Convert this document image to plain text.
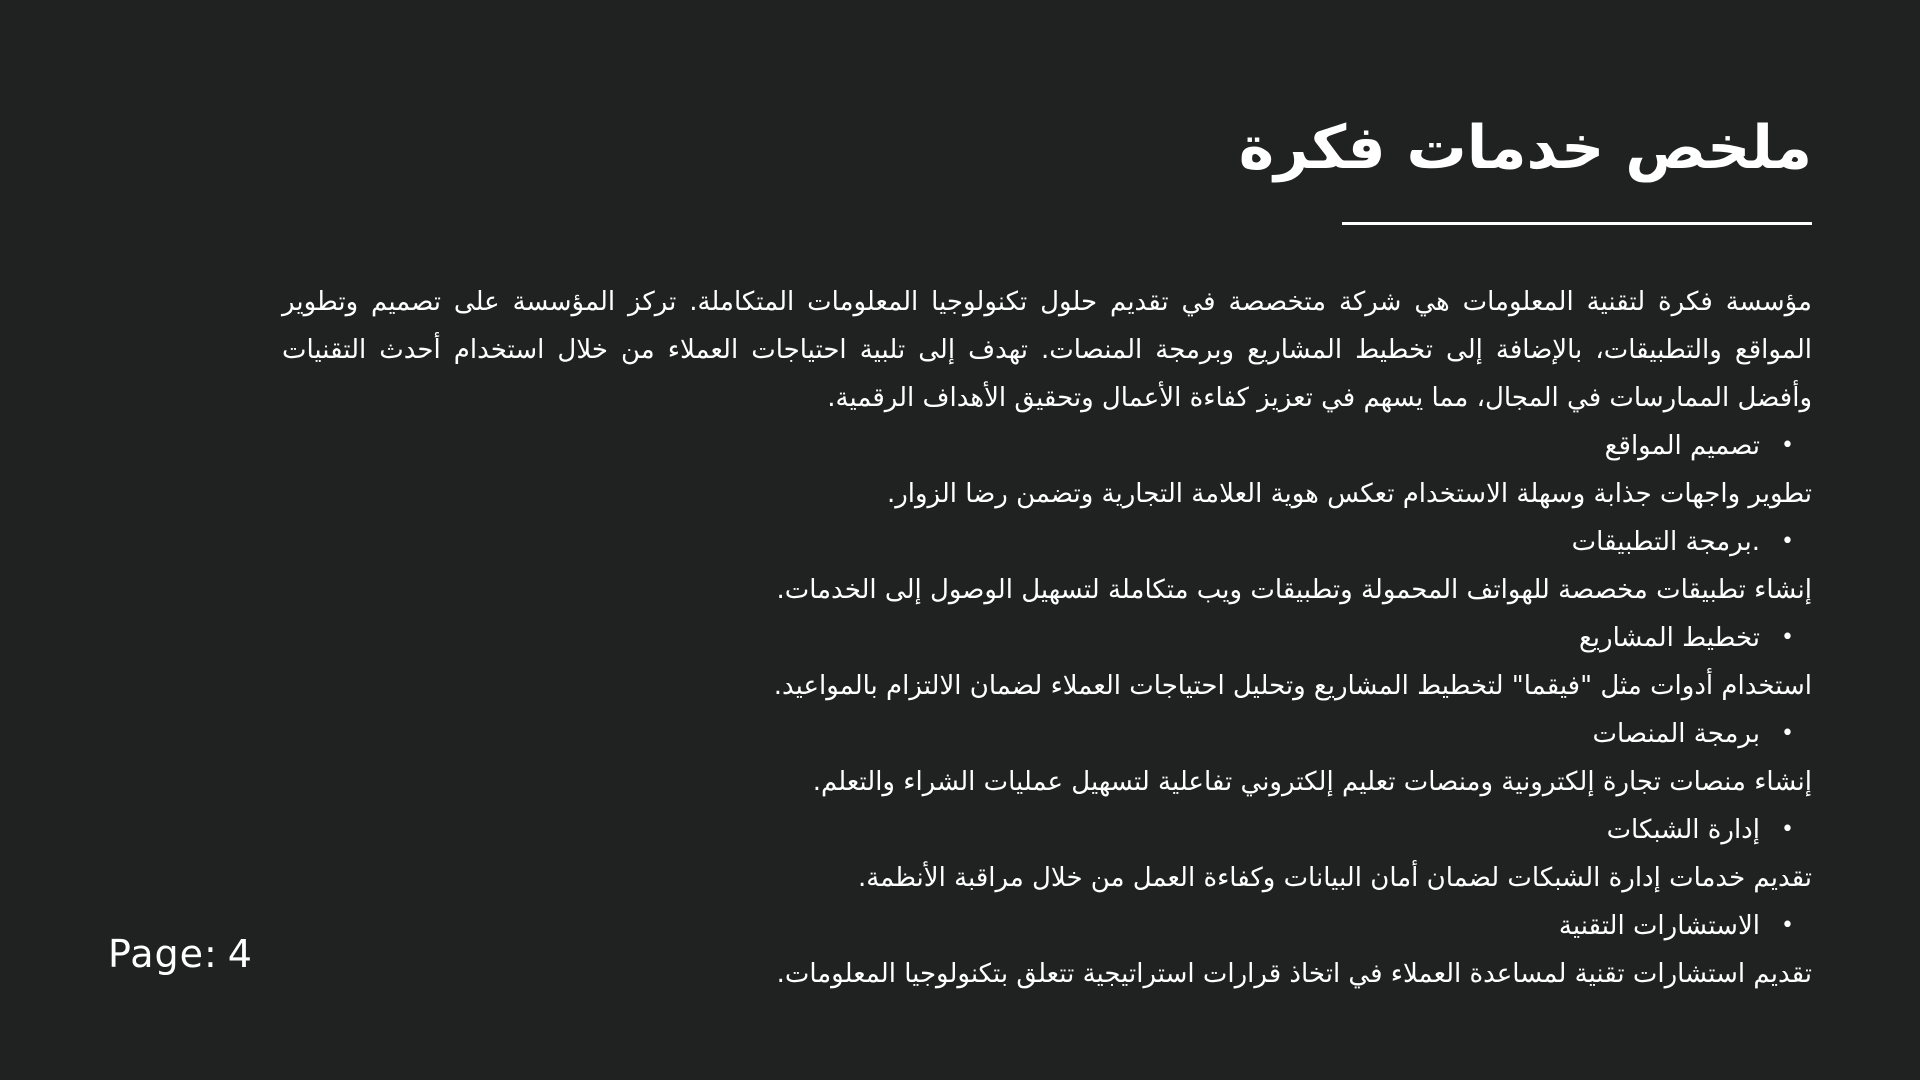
ملخص خدمات فكرة

مؤسسة فكرة لتقنية المعلومات هي شركة متخصصة في تقديم حلول تكنولوجيا المعلومات المتكاملة. تركز المؤسسة على تصميم وتطوير المواقع والتطبيقات، بالإضافة إلى تخطيط المشاريع وبرمجة المنصات. تهدف إلى تلبية احتياجات العملاء من خلال استخدام أحدث التقنيات وأفضل الممارسات في المجال، مما يسهم في تعزيز كفاءة الأعمال وتحقيق الأهداف الرقمية.

•
تصميم المواقع

تطوير واجهات جذابة وسهلة الاستخدام تعكس هوية العلامة التجارية وتضمن رضا الزوار.

•
.برمجة التطبيقات

إنشاء تطبيقات مخصصة للهواتف المحمولة وتطبيقات ويب متكاملة لتسهيل الوصول إلى الخدمات.

•
تخطيط المشاريع

استخدام أدوات مثل "فيقما" لتخطيط المشاريع وتحليل احتياجات العملاء لضمان الالتزام بالمواعيد.

•
برمجة المنصات

إنشاء منصات تجارة إلكترونية ومنصات تعليم إلكتروني تفاعلية لتسهيل عمليات الشراء والتعلم.

•
إدارة الشبكات

تقديم خدمات إدارة الشبكات لضمان أمان البيانات وكفاءة العمل من خلال مراقبة الأنظمة.

•
الاستشارات التقنية

تقديم استشارات تقنية لمساعدة العملاء في اتخاذ قرارات استراتيجية تتعلق بتكنولوجيا المعلومات.

Page: 4
